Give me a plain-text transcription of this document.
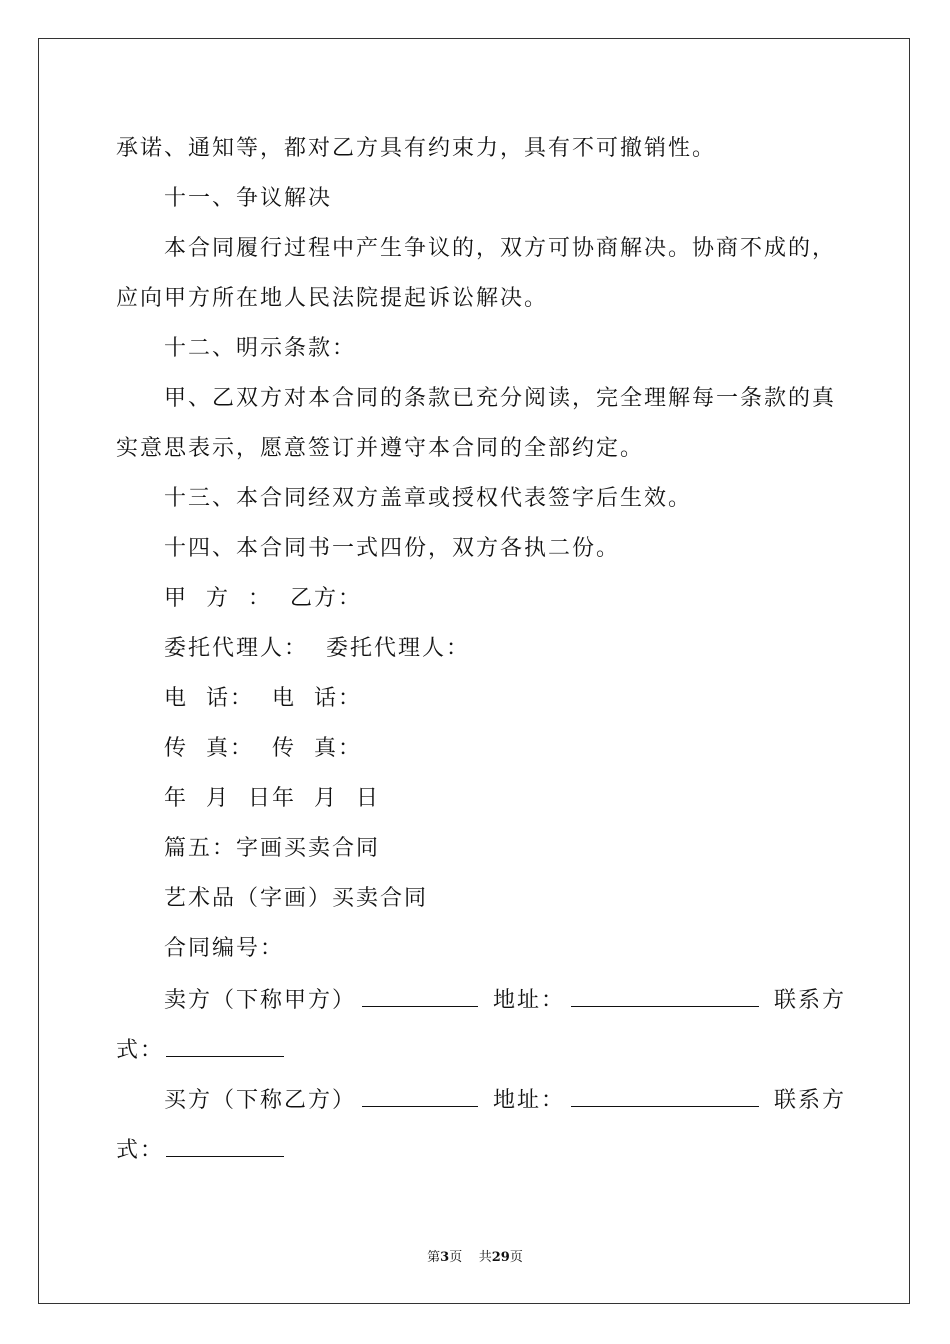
承诺、通知等，都对乙方具有约束力，具有不可撤销性。
十一、争议解决
本合同履行过程中产生争议的，双方可协商解决。协商不成的，
应向甲方所在地人民法院提起诉讼解决。
十二、明示条款：
甲、乙双方对本合同的条款已充分阅读，完全理解每一条款的真
实意思表示，愿意签订并遵守本合同的全部约定。
十三、本合同经双方盖章或授权代表签字后生效。
十四、本合同书一式四份，双方各执二份。
甲  方  ：  乙方：
委托代理人：  委托代理人：
电  话：  电  话：
传  真：  传  真：
年  月  日年  月  日
篇五：字画买卖合同
艺术品（字画）买卖合同
合同编号：
卖方（下称甲方）	地址：	联系方
式：
买方（下称乙方）	地址：	联系方
式：
第3页 共29页
